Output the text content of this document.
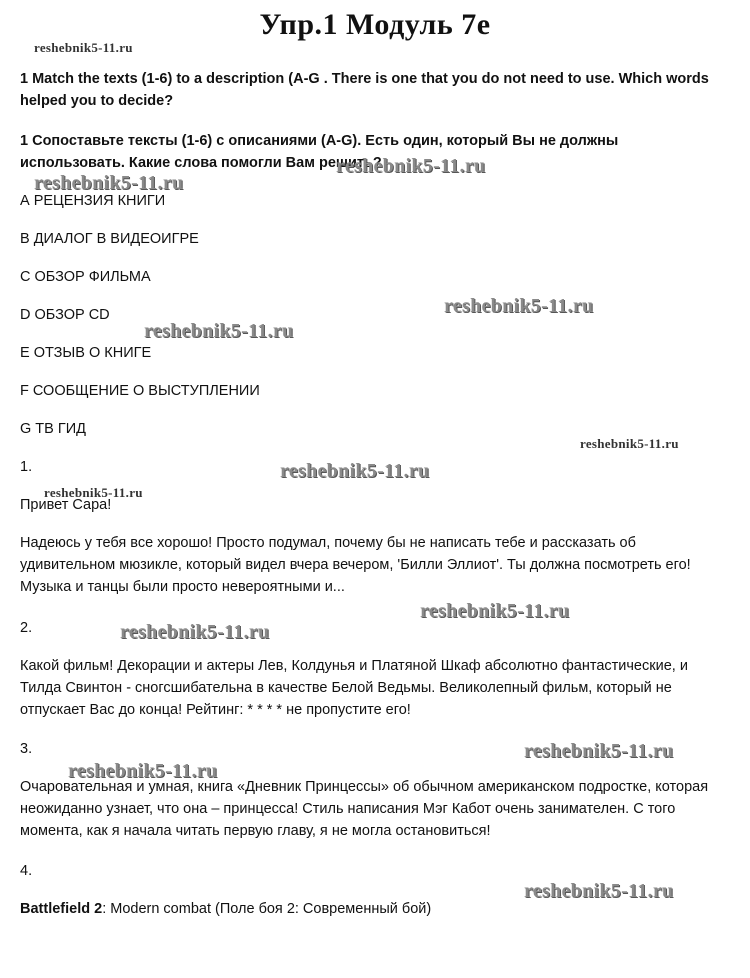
Упр.1 Модуль 7е

1 Match the texts (1-6) to a description (A-G . There is one that you do not need to use. Which words helped you to decide?

1 Сопоставьте тексты (1-6) с описаниями (A-G). Есть один, который Вы не должны использовать. Какие слова помогли Вам решить?

А РЕЦЕНЗИЯ КНИГИ

В ДИАЛОГ В ВИДЕОИГРЕ

С ОБЗОР ФИЛЬМА

D ОБЗОР CD

Е ОТЗЫВ О КНИГЕ

F СООБЩЕНИЕ О ВЫСТУПЛЕНИИ

G ТВ ГИД

1.

Привет Сара!

Надеюсь у тебя все хорошо! Просто подумал, почему бы не написать тебе и рассказать об удивительном мюзикле, который видел вчера вечером, 'Билли Эллиот'. Ты должна посмотреть его! Музыка и танцы были просто невероятными и...

2.

Какой фильм! Декорации и актеры Лев, Колдунья и Платяной Шкаф абсолютно фантастические, и Тилда Свинтон - сногсшибательна в качестве Белой Ведьмы. Великолепный фильм, который не отпускает Вас до конца! Рейтинг: * * * * не пропустите его!

3.

Очаровательная и умная, книга «Дневник Принцессы» об обычном американском подростке, которая неожиданно узнает, что она – принцесса! Стиль написания Мэг Кабот очень занимателен. С того момента, как я начала читать первую главу, я не могла остановиться!

4.

Battlefield 2: Modern combat (Поле боя 2: Современный бой)

reshebnik5-11.ru
reshebnik5-11.ru
reshebnik5-11.ru
reshebnik5-11.ru
reshebnik5-11.ru
reshebnik5-11.ru
reshebnik5-11.ru
reshebnik5-11.ru
reshebnik5-11.ru
reshebnik5-11.ru
reshebnik5-11.ru
reshebnik5-11.ru
reshebnik5-11.ru
